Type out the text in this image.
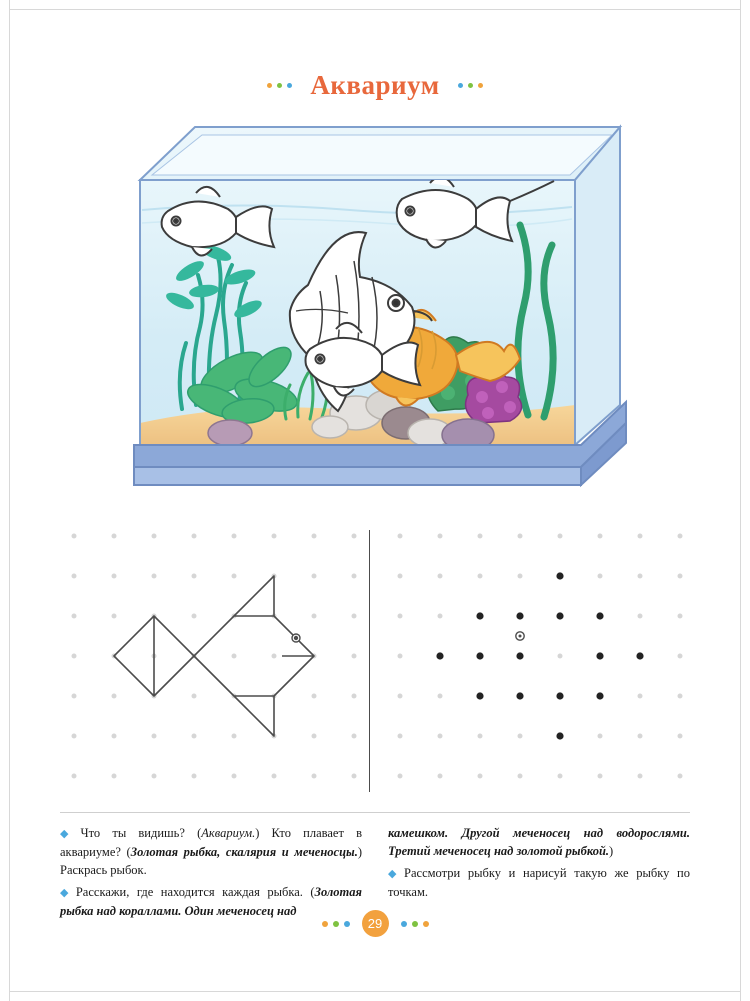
Аквариум

◆ Что ты видишь? (Аквариум.) Кто плавает в аквариуме? (Золотая рыбка, скалярия и меченосцы.) Раскрась рыбок.

◆ Расскажи, где находится каждая рыбка. (Золотая рыбка над кораллами. Один меченосец над

камешком. Другой меченосец над водорослями. Третий меченосец над золотой рыбкой.)

◆ Рассмотри рыбку и нарисуй такую же рыбку по точкам.

29
